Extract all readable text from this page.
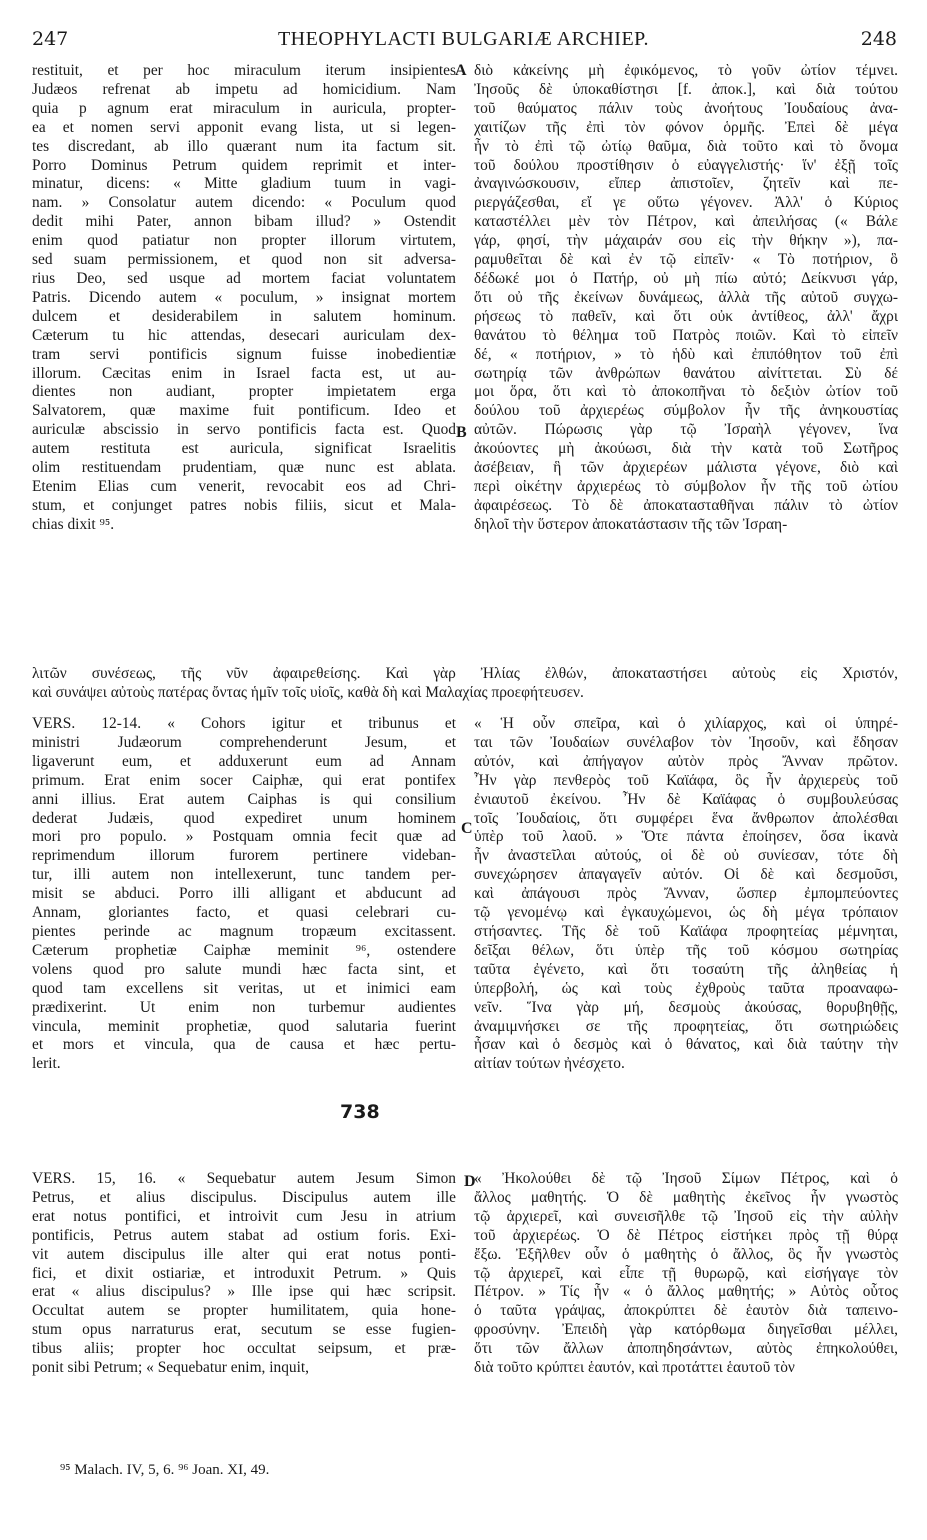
247	THEOPHYLACTI BULGARIÆ ARCHIEP.	248
restituit, et per hoc miraculum iterum insipientes
Judæos refrenat ab impetu ad homicidium. Nam
quia p agnum erat miraculum in auricula, propter-
ea et nomen servi apponit evang lista, ut si legen-
tes discredant, ab illo quærant num ita factum sit.
Porro Dominus Petrum quidem reprimit et inter-
minatur, dicens: « Mitte gladium tuum in vagi-
nam. » Consolatur autem dicendo: « Poculum quod
dedit mihi Pater, annon bibam illud? » Ostendit
enim quod patiatur non propter illorum virtutem,
sed suam permissionem, et quod non sit adversa-
rius Deo, sed usque ad mortem faciat voluntatem
Patris. Dicendo autem « poculum, » insignat mortem
dulcem et desiderabilem in salutem hominum.
Cæterum tu hic attendas, desecari auriculam dex-
tram servi pontificis signum fuisse inobedientiæ
illorum. Cæcitas enim in Israel facta est, ut au-
dientes non audiant, propter impietatem erga
Salvatorem, quæ maxime fuit pontificum. Ideo et
auriculæ abscissio in servo pontificis facta est. Quod
autem restituta est auricula, significat Israelitis
olim restituendam prudentiam, quæ nunc est ablata.
Etenim Elias cum venerit, revocabit eos ad Chri-
stum, et conjunget patres nobis filiis, sicut et Mala-
chias dixit ⁹⁵.
διὸ κἀκείνης μὴ ἐφικόμενος, τὸ γοῦν ὠτίον τέμνει.
Ἰησοῦς δὲ ὑποκαθίστησι [f. ἀποκ.], καὶ διὰ τούτου
τοῦ θαύματος πάλιν τοὺς ἀνοήτους Ἰουδαίους ἀνα-
χαιτίζων τῆς ἐπὶ τὸν φόνον ὁρμῆς. Ἐπεὶ δὲ μέγα
ἦν τὸ ἐπὶ τῷ ὠτίῳ θαῦμα, διὰ τοῦτο καὶ τὸ ὄνομα
τοῦ δούλου προστίθησιν ὁ εὐαγγελιστής· ἵν' ἐξῇ τοῖς
ἀναγινώσκουσιν, εἴπερ ἀπιστοῖεν, ζητεῖν καὶ πε-
ριεργάζεσθαι, εἴ γε οὕτω γέγονεν. Ἀλλ' ὁ Κύριος
καταστέλλει μὲν τὸν Πέτρον, καὶ ἀπειλήσας (« Βάλε
γάρ, φησί, τὴν μάχαιράν σου εἰς τὴν θήκην »), πα-
ραμυθεῖται δὲ καὶ ἐν τῷ εἰπεῖν· « Τὸ ποτήριον, ὃ
δέδωκέ μοι ὁ Πατήρ, οὐ μὴ πίω αὐτό; Δείκνυσι γάρ,
ὅτι οὐ τῆς ἐκείνων δυνάμεως, ἀλλὰ τῆς αὐτοῦ συγχω-
ρήσεως τὸ παθεῖν, καὶ ὅτι οὐκ ἀντίθεος, ἀλλ' ἄχρι
θανάτου τὸ θέλημα τοῦ Πατρὸς ποιῶν. Καὶ τὸ εἰπεῖν
δέ, « ποτήριον, » τὸ ἡδὺ καὶ ἐπιπόθητον τοῦ ἐπὶ
σωτηρίᾳ τῶν ἀνθρώπων θανάτου αἰνίττεται. Σὺ δέ
μοι ὅρα, ὅτι καὶ τὸ ἀποκοπῆναι τὸ δεξιὸν ὠτίον τοῦ
δούλου τοῦ ἀρχιερέως σύμβολον ἦν τῆς ἀνηκουστίας
αὐτῶν. Πώρωσις γὰρ τῷ Ἰσραὴλ γέγονεν, ἵνα
ἀκούοντες μὴ ἀκούωσι, διὰ τὴν κατὰ τοῦ Σωτῆρος
ἀσέβειαν, ἣ τῶν ἀρχιερέων μάλιστα γέγονε, διὸ καὶ
περὶ οἰκέτην ἀρχιερέως τὸ σύμβολον ἦν τῆς τοῦ ὠτίου
ἀφαιρέσεως. Τὸ δὲ ἀποκατασταθῆναι πάλιν τὸ ὠτίον
δηλοῖ τὴν ὕστερον ἀποκατάστασιν τῆς τῶν Ἰσραη-
A
B
λιτῶν συνέσεως, τῆς νῦν ἀφαιρεθείσης. Καὶ γὰρ Ἠλίας ἐλθών, ἀποκαταστήσει αὐτοὺς εἰς Χριστόν,
καὶ συνάψει αὐτοὺς πατέρας ὄντας ἡμῖν τοῖς υἱοῖς, καθὰ δὴ καὶ Μαλαχίας προεφήτευσεν.
VERS. 12-14. « Cohors igitur et tribunus et
ministri Judæorum comprehenderunt Jesum, et
ligaverunt eum, et adduxerunt eum ad Annam
primum. Erat enim socer Caiphæ, qui erat pontifex
anni illius. Erat autem Caiphas is qui consilium
dederat Judæis, quod expediret unum hominem
mori pro populo. » Postquam omnia fecit quæ ad
reprimendum illorum furorem pertinere videban-
tur, illi autem non intellexerunt, tunc tandem per-
misit se abduci. Porro illi alligant et abducunt ad
Annam, gloriantes facto, et quasi celebrari cu-
pientes perinde ac magnum tropæum excitassent.
Cæterum prophetiæ Caiphæ meminit ⁹⁶, ostendere
volens quod pro salute mundi hæc facta sint, et
quod tam excellens sit veritas, ut et inimici eam
prædixerint. Ut enim non turbemur audientes
vincula, meminit prophetiæ, quod salutaria fuerint
et mors et vincula, qua de causa et hæc pertu-
lerit.
« Ἡ οὖν σπεῖρα, καὶ ὁ χιλίαρχος, καὶ οἱ ὑπηρέ-
ται τῶν Ἰουδαίων συνέλαβον τὸν Ἰησοῦν, καὶ ἔδησαν
αὐτόν, καὶ ἀπήγαγον αὐτὸν πρὸς Ἄνναν πρῶτον.
Ἦν γὰρ πενθερὸς τοῦ Καϊάφα, ὃς ἦν ἀρχιερεὺς τοῦ
ἐνιαυτοῦ ἐκείνου. Ἦν δὲ Καϊάφας ὁ συμβουλεύσας
τοῖς Ἰουδαίοις, ὅτι συμφέρει ἕνα ἄνθρωπον ἀπολέσθαι
ὑπὲρ τοῦ λαοῦ. » Ὅτε πάντα ἐποίησεν, ὅσα ἱκανὰ
ἦν ἀναστεῖλαι αὐτούς, οἱ δὲ οὐ συνίεσαν, τότε δὴ
συνεχώρησεν ἀπαγαγεῖν αὐτόν. Οἱ δὲ καὶ δεσμοῦσι,
καὶ ἀπάγουσι πρὸς Ἄνναν, ὥσπερ ἐμπομπεύοντες
τῷ γενομένῳ καὶ ἐγκαυχώμενοι, ὡς δὴ μέγα τρόπαιον
στήσαντες. Τῆς δὲ τοῦ Καϊάφα προφητείας μέμνηται,
δεῖξαι θέλων, ὅτι ὑπὲρ τῆς τοῦ κόσμου σωτηρίας
ταῦτα ἐγένετο, καὶ ὅτι τοσαύτη τῆς ἀληθείας ἡ
ὑπερβολή, ὡς καὶ τοὺς ἐχθροὺς ταῦτα προαναφω-
νεῖν. Ἵνα γὰρ μή, δεσμοὺς ἀκούσας, θορυβηθῇς,
ἀναμιμνήσκει σε τῆς προφητείας, ὅτι σωτηριώδεις
ἦσαν καὶ ὁ δεσμὸς καὶ ὁ θάνατος, καὶ διὰ ταύτην τὴν
αἰτίαν τούτων ἠνέσχετο.
C
738
VERS. 15, 16. « Sequebatur autem Jesum Simon
Petrus, et alius discipulus. Discipulus autem ille
erat notus pontifici, et introivit cum Jesu in atrium
pontificis, Petrus autem stabat ad ostium foris. Exi-
vit autem discipulus ille alter qui erat notus ponti-
fici, et dixit ostiariæ, et introduxit Petrum. » Quis
erat « alius discipulus? » Ille ipse qui hæc scripsit.
Occultat autem se propter humilitatem, quia hone-
stum opus narraturus erat, secutum se esse fugien-
tibus aliis; propter hoc occultat seipsum, et præ-
ponit sibi Petrum; « Sequebatur enim, inquit,
« Ἠκολούθει δὲ τῷ Ἰησοῦ Σίμων Πέτρος, καὶ ὁ
ἄλλος μαθητής. Ὁ δὲ μαθητὴς ἐκεῖνος ἦν γνωστὸς
τῷ ἀρχιερεῖ, καὶ συνεισῆλθε τῷ Ἰησοῦ εἰς τὴν αὐλὴν
τοῦ ἀρχιερέως. Ὁ δὲ Πέτρος εἱστήκει πρὸς τῇ θύρᾳ
ἔξω. Ἐξῆλθεν οὖν ὁ μαθητὴς ὁ ἄλλος, ὃς ἦν γνωστὸς
τῷ ἀρχιερεῖ, καὶ εἶπε τῇ θυρωρῷ, καὶ εἰσήγαγε τὸν
Πέτρον. » Τίς ἦν « ὁ ἄλλος μαθητής; » Αὐτὸς οὗτος
ὁ ταῦτα γράψας, ἀποκρύπτει δὲ ἑαυτὸν διὰ ταπεινο-
φροσύνην. Ἐπειδὴ γὰρ κατόρθωμα διηγεῖσθαι μέλλει,
ὅτι τῶν ἄλλων ἀποπηδησάντων, αὐτὸς ἐπηκολούθει,
διὰ τοῦτο κρύπτει ἑαυτόν, καὶ προτάττει ἑαυτοῦ τὸν
D
⁹⁵ Malach. IV, 5, 6. ⁹⁶ Joan. XI, 49.
